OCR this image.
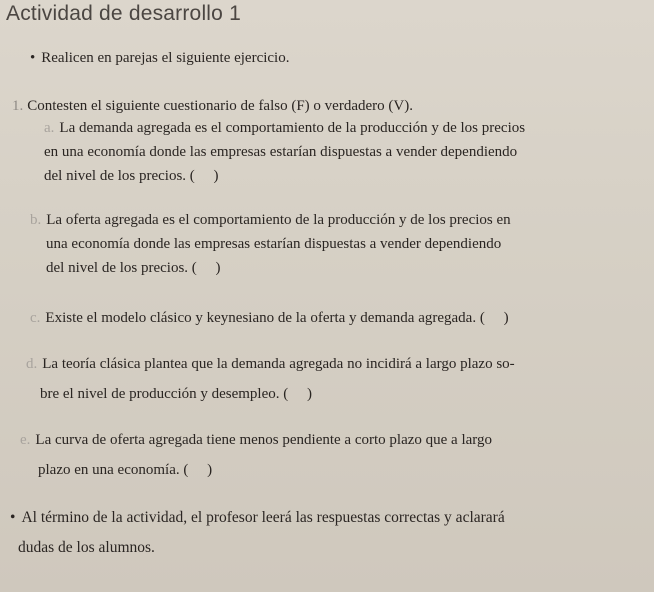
Actividad de desarrollo 1
• Realicen en parejas el siguiente ejercicio.
1. Contesten el siguiente cuestionario de falso (F) o verdadero (V).
a. La demanda agregada es el comportamiento de la producción y de los precios
en una economía donde las empresas estarían dispuestas a vender dependiendo
del nivel de los precios. (     )
b. La oferta agregada es el comportamiento de la producción y de los precios en
una economía donde las empresas estarían dispuestas a vender dependiendo
del nivel de los precios. (     )
c. Existe el modelo clásico y keynesiano de la oferta y demanda agregada. (     )
d. La teoría clásica plantea que la demanda agregada no incidirá a largo plazo so-
bre el nivel de producción y desempleo. (     )
e. La curva de oferta agregada tiene menos pendiente a corto plazo que a largo
plazo en una economía. (     )
• Al término de la actividad, el profesor leerá las respuestas correctas y aclarará
dudas de los alumnos.
